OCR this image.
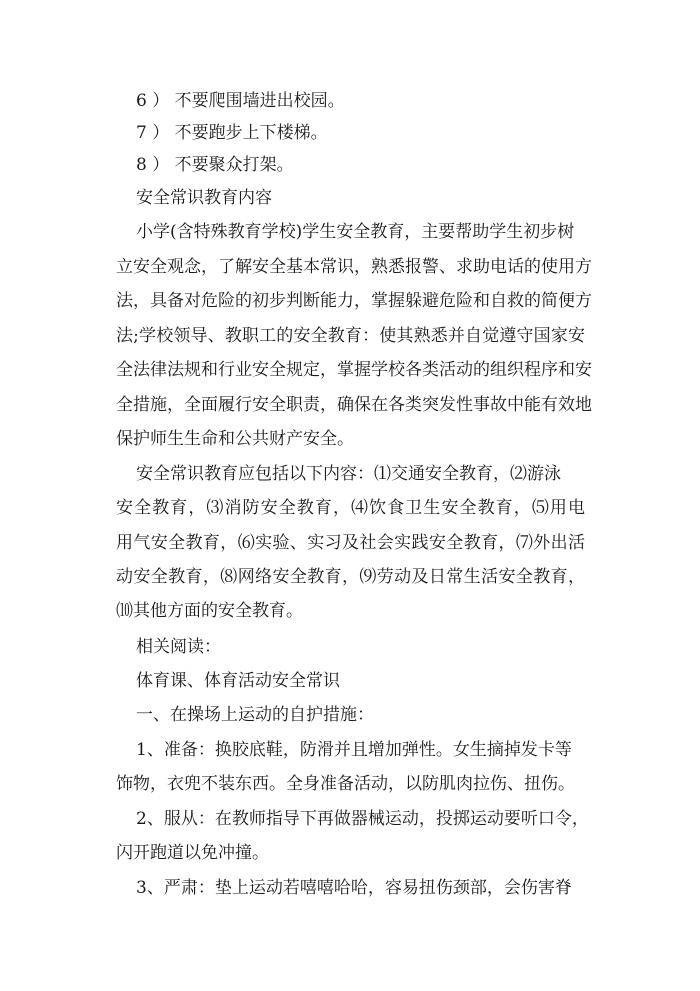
6 ） 不要爬围墙进出校园。
7 ） 不要跑步上下楼梯。
8 ） 不要聚众打架。
安全常识教育内容
小学(含特殊教育学校)学生安全教育，主要帮助学生初步树
立安全观念，了解安全基本常识，熟悉报警、求助电话的使用方
法，具备对危险的初步判断能力，掌握躲避危险和自救的简便方
法;学校领导、教职工的安全教育：使其熟悉并自觉遵守国家安
全法律法规和行业安全规定，掌握学校各类活动的组织程序和安
全措施，全面履行安全职责，确保在各类突发性事故中能有效地
保护师生生命和公共财产安全。
安全常识教育应包括以下内容：⑴交通安全教育，⑵游泳
安全教育，⑶消防安全教育，⑷饮食卫生安全教育，⑸用电
用气安全教育，⑹实验、实习及社会实践安全教育，⑺外出活
动安全教育，⑻网络安全教育，⑼劳动及日常生活安全教育，
⑽其他方面的安全教育。
相关阅读：
体育课、体育活动安全常识
一、在操场上运动的自护措施：
1、准备：换胶底鞋，防滑并且增加弹性。女生摘掉发卡等
饰物，衣兜不装东西。全身准备活动，以防肌肉拉伤、扭伤。
2、服从：在教师指导下再做器械运动，投掷运动要听口令，
闪开跑道以免冲撞。
3、严肃：垫上运动若嘻嘻哈哈，容易扭伤颈部，会伤害脊
